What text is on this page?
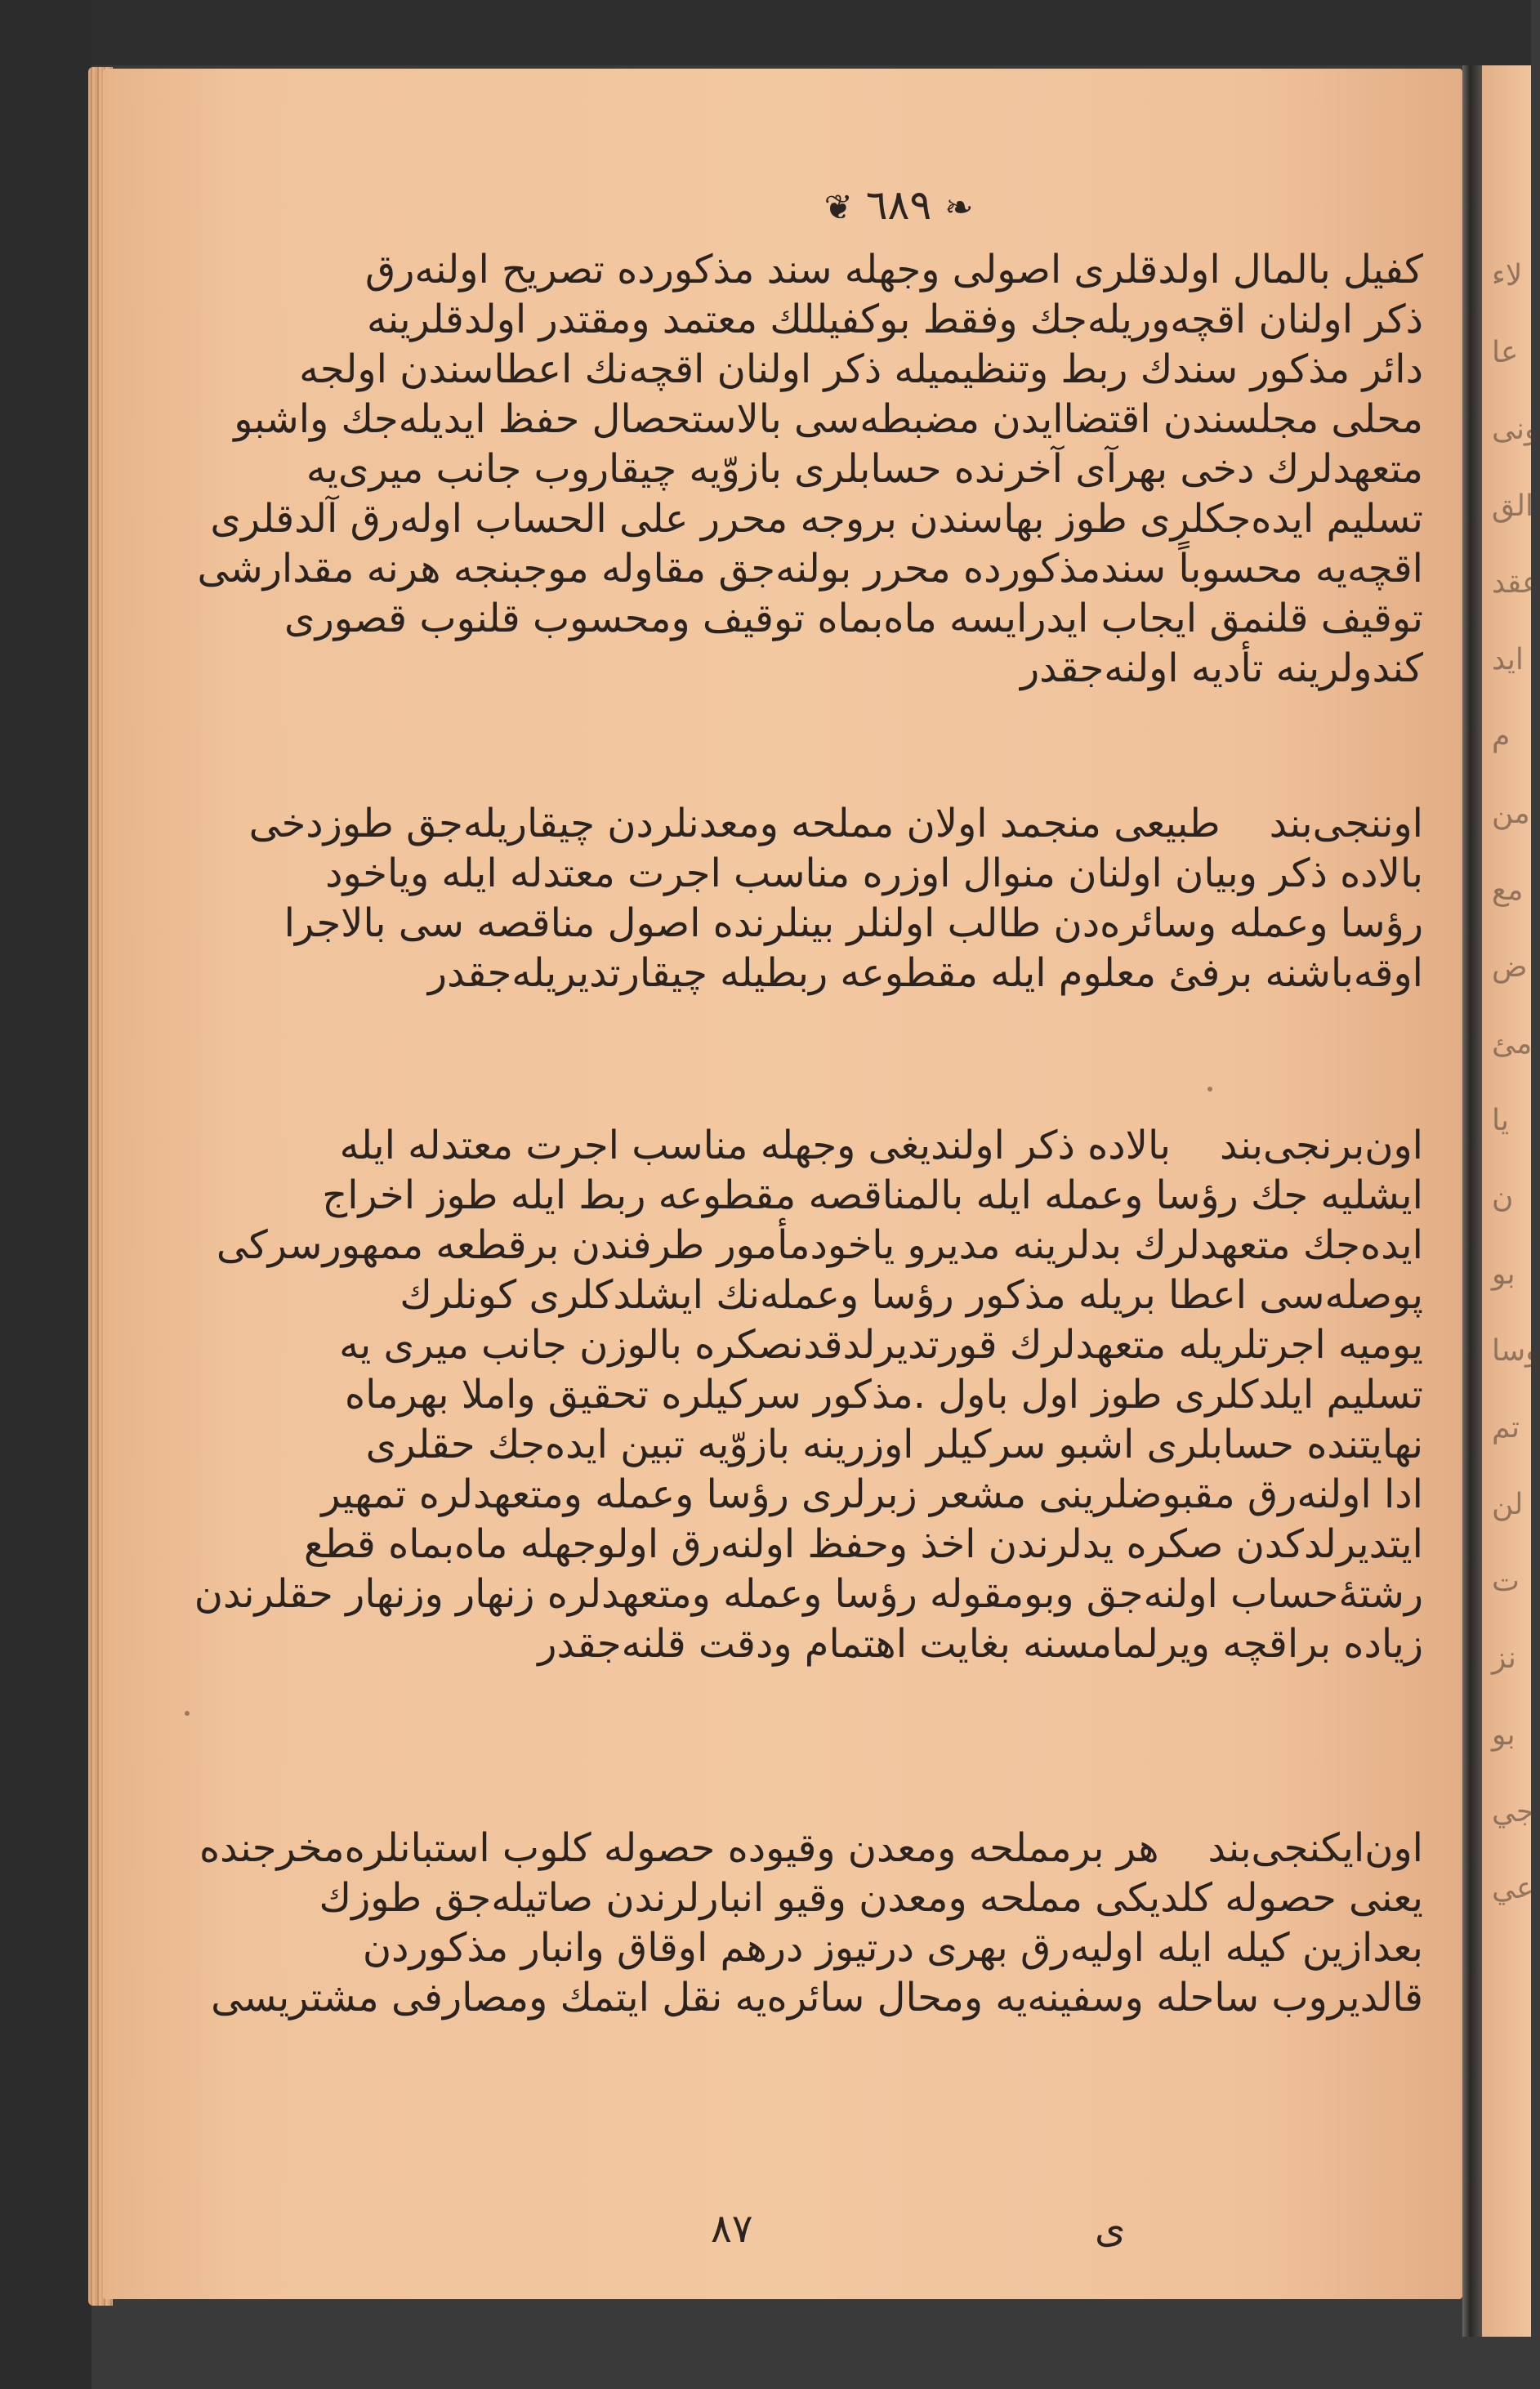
لاء
عا
ونى
الق
عقد
ايد
م
من
مع
ض
مئ
يا
ن
بو
وسا
تم
لن
ت
نز
بو
جي
عي
❦ ٦٨٩ ❧
كفيل بالمال اولدقلرى اصولى وجهله سند مذكورده تصريح اولنەرق
ذكر اولنان اقچەوريلەجك وفقط بوكفيللك معتمد ومقتدر اولدقلرينه
دائر مذكور سندك ربط وتنظيميله ذكر اولنان اقچەنك اعطاسندن اولجه
محلى مجلسندن اقتضاايدن مضبطەسى بالاستحصال حفظ ايديلەجك واشبو
متعهدلرك دخى بهرآى آخرنده حسابلرى بازوّيه چيقاروب جانب ميرى‌يه
تسليم ايدەجكلرى طوز بهاسندن بروجه محرر على الحساب اولەرق آلدقلرى
اقچەيه محسوباً سندمذكورده محرر بولنەجق مقاوله موجبنجه هرنه مقدارشى
توقيف قلنمق ايجاب ايدرايسه ماه‌بماه توقيف ومحسوب قلنوب قصورى
كندولرينه تأديه اولنەجقدر
اوننجى‌بندطبيعى منجمد اولان مملحه ومعدنلردن چيقاريله‌جق طوزدخى
بالاده ذكر وبيان اولنان منوال اوزره مناسب اجرت معتدله ايله وياخود
رؤسا وعمله وسائرەدن طالب اولنلر بينلرنده اصول مناقصه سى بالاجرا
اوقه‌باشنه برفئ معلوم ايله مقطوعه ربطيله چيقارتديريلەجقدر
اون‌برنجى‌بندبالاده ذكر اولندیغى وجهله مناسب اجرت معتدله ايله
ايشليه جك رؤسا وعمله ايله بالمناقصه مقطوعه ربط ايله طوز اخراج
ايدەجك متعهدلرك بدلرينه مديرو ياخودمأمور طرفندن برقطعه ممهورسركى
پوصله‌سى اعطا بريله مذكور رؤسا وعمله‌نك ايشلدكلرى كونلرك
يوميه اجرتلريله متعهدلرك قورتديرلدقدنصكره بالوزن جانب ميرى يه
تسليم ايلدكلرى طوز اول باول .مذكور سركيلره تحقيق واملا بهرماه
نهايتنده حسابلرى اشبو سركيلر اوزرينه بازوّيه تبين ايدەجك حقلرى
ادا اولنەرق مقبوضلرينى مشعر زبرلرى رؤسا وعمله ومتعهدلره تمهير
ايتديرلدكدن صكره يدلرندن اخذ وحفظ اولنەرق اولوجهله ماه‌بماه قطع
رشتۀحساب اولنەجق وبومقوله رؤسا وعمله ومتعهدلره زنهار وزنهار حقلرندن
زياده براقچه ويرلمامسنه بغايت اهتمام ودقت قلنەجقدر
اون‌ايكنجى‌بندهر برمملحه ومعدن وقيوده حصوله كلوب استبانلره‌مخرجنده
يعنى حصوله كلديكى مملحه ومعدن وقيو انبارلرندن صاتيله‌جق طوزك
بعدازين كيله ايله اوليەرق بهرى درتيوز درهم اوقاق وانبار مذكوردن
قالديروب ساحله وسفينه‌يه ومحال سائرەيه نقل ايتمك ومصارفى مشتريسى
٨٧	ى
